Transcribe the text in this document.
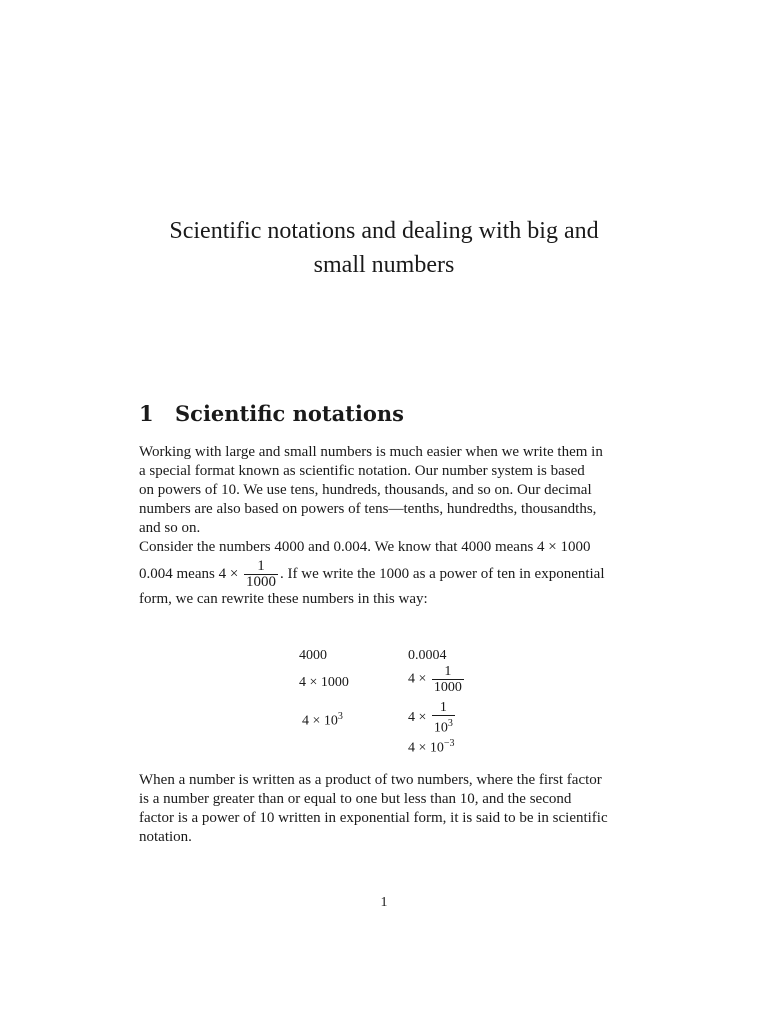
Scientific notations and dealing with big and
small numbers
1 Scientific notations
Working with large and small numbers is much easier when we write them in
a special format known as scientific notation. Our number system is based
on powers of 10. We use tens, hundreds, thousands, and so on. Our decimal
numbers are also based on powers of tens—tenths, hundredths, thousandths,
and so on.
Consider the numbers 4000 and 0.004. We know that 4000 means 4 × 1000
0.004 means $4 \times \frac{1}{1000}$ . If we write the 1000 as a power of ten in exponential
form, we can rewrite these numbers in this way:
4000
4 × 1000
$4 \times 10^3$
0.0004
$4 \times \frac{1}{1000}$
$4 \times \frac{1}{10^3}$
$4 \times 10^{-3}$
When a number is written as a product of two numbers, where the first factor
is a number greater than or equal to one but less than 10, and the second
factor is a power of 10 written in exponential form, it is said to be in scientific
notation.
1
